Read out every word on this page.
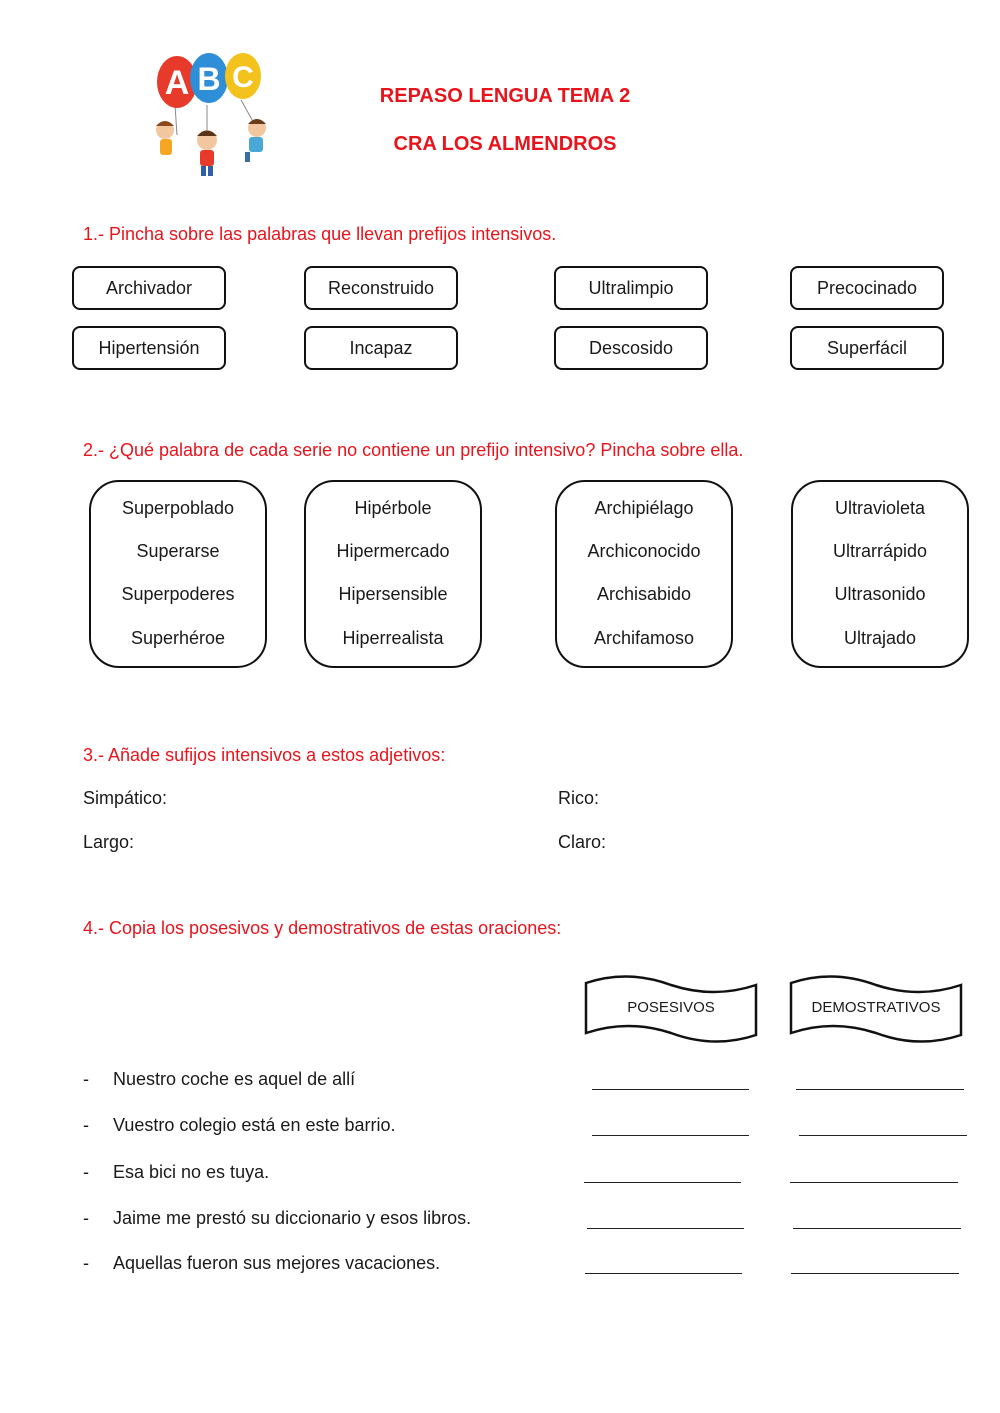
A B C
REPASO LENGUA TEMA 2
CRA LOS ALMENDROS
1.- Pincha sobre las palabras que llevan prefijos intensivos.
Archivador	Reconstruido	Ultralimpio	Precocinado
Hipertensión	Incapaz	Descosido	Superfácil
2.- ¿Qué palabra de cada serie no contiene un prefijo intensivo? Pincha sobre ella.
Superpoblado
Superarse
Superpoderes
Superhéroe
Hipérbole
Hipermercado
Hipersensible
Hiperrealista
Archipiélago
Archiconocido
Archisabido
Archifamoso
Ultravioleta
Ultrarrápido
Ultrasonido
Ultrajado
3.- Añade sufijos intensivos a estos adjetivos:
Simpático:	Rico:
Largo:	Claro:
4.- Copia los posesivos y demostrativos de estas oraciones:
POSESIVOS	DEMOSTRATIVOS
- Nuestro coche es aquel de allí
- Vuestro colegio está en este barrio.
- Esa bici no es tuya.
- Jaime me prestó su diccionario y esos libros.
- Aquellas fueron sus mejores vacaciones.
